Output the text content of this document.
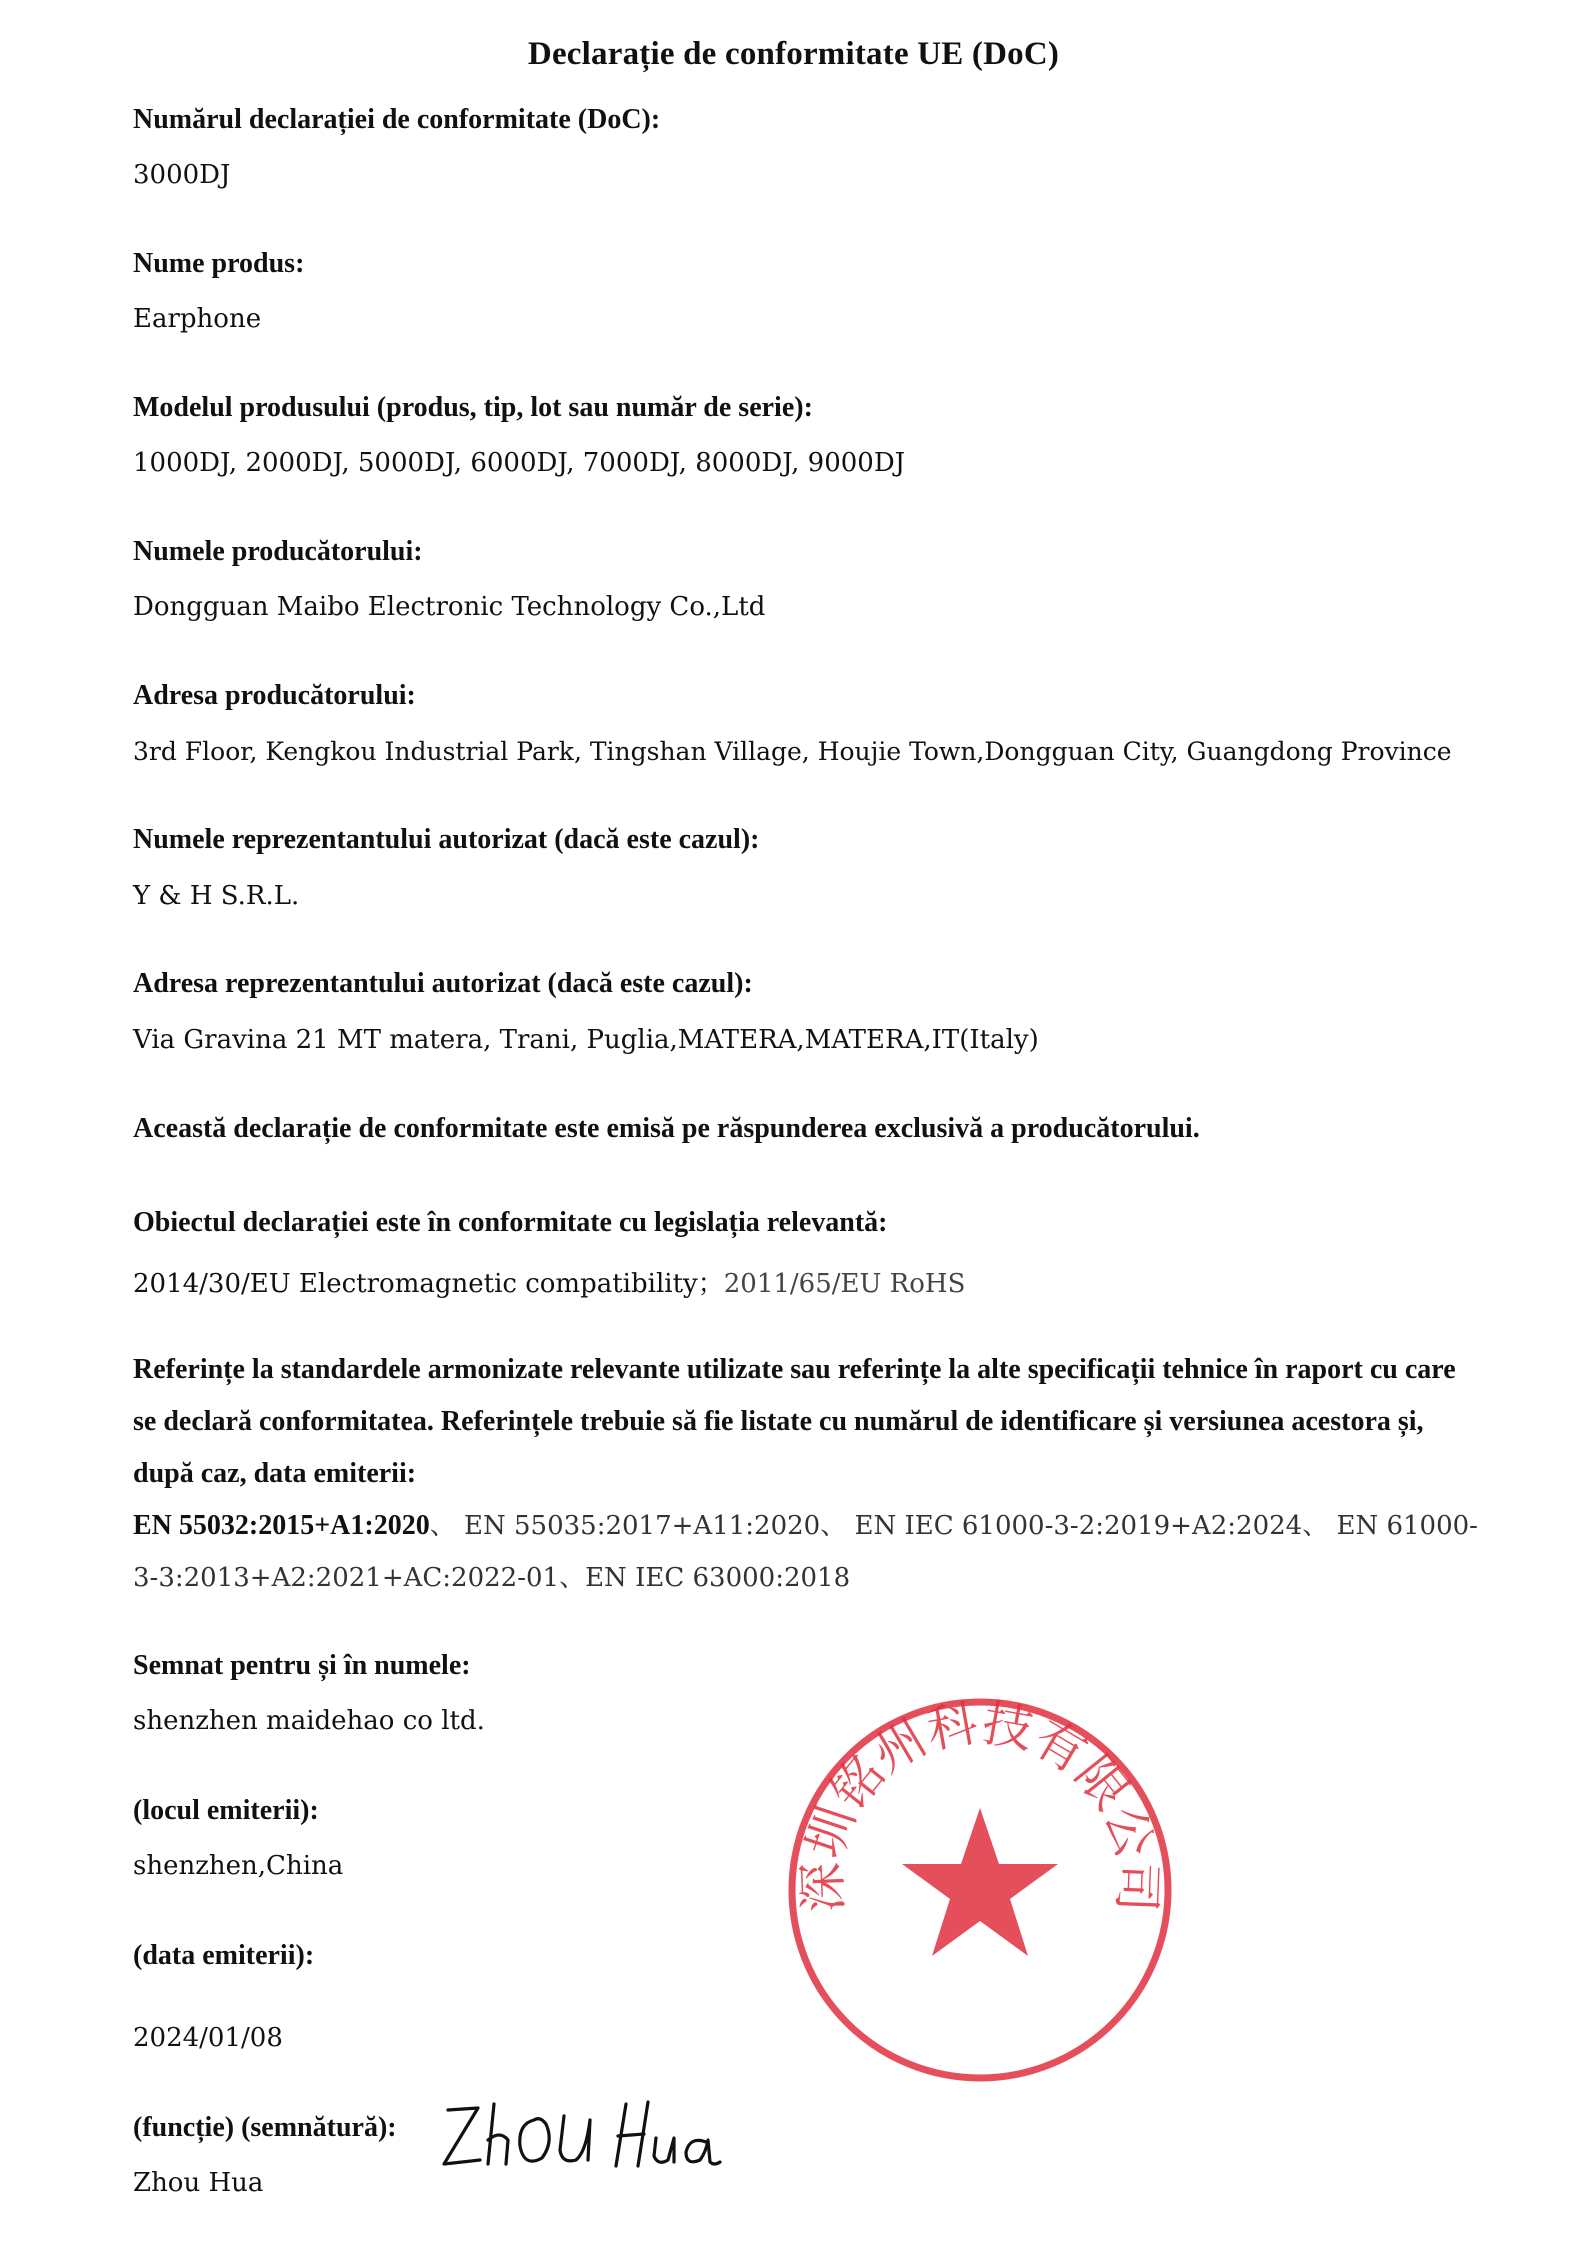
Declarație de conformitate UE (DoC)
Numărul declarației de conformitate (DoC):
3000DJ
Nume produs:
Earphone
Modelul produsului (produs, tip, lot sau număr de serie):
1000DJ, 2000DJ, 5000DJ, 6000DJ, 7000DJ, 8000DJ, 9000DJ
Numele producătorului:
Dongguan Maibo Electronic Technology Co.,Ltd
Adresa producătorului:
3rd Floor, Kengkou Industrial Park, Tingshan Village, Houjie Town,Dongguan City, Guangdong Province
Numele reprezentantului autorizat (dacă este cazul):
Y & H S.R.L.
Adresa reprezentantului autorizat (dacă este cazul):
Via Gravina 21 MT matera, Trani, Puglia,MATERA,MATERA,IT(Italy)
Această declarație de conformitate este emisă pe răspunderea exclusivă a producătorului.
Obiectul declarației este în conformitate cu legislația relevantă:
2014/30/EU Electromagnetic compatibility；2011/65/EU RoHS
Referințe la standardele armonizate relevante utilizate sau referințe la alte specificații tehnice în raport cu care se declară conformitatea. Referințele trebuie să fie listate cu numărul de identificare și versiunea acestora și, după caz, data emiterii:
EN 55032:2015+A1:2020、 EN 55035:2017+A11:2020、 EN IEC 61000-3-2:2019+A2:2024、 EN 61000-3-3:2013+A2:2021+AC:2022-01、EN IEC 63000:2018
Semnat pentru și în numele:
shenzhen maidehao co ltd.
(locul emiterii):
shenzhen,China
(data emiterii):
2024/01/08
(funcție) (semnătură):
Zhou Hua
深圳铭州科技有限公司
